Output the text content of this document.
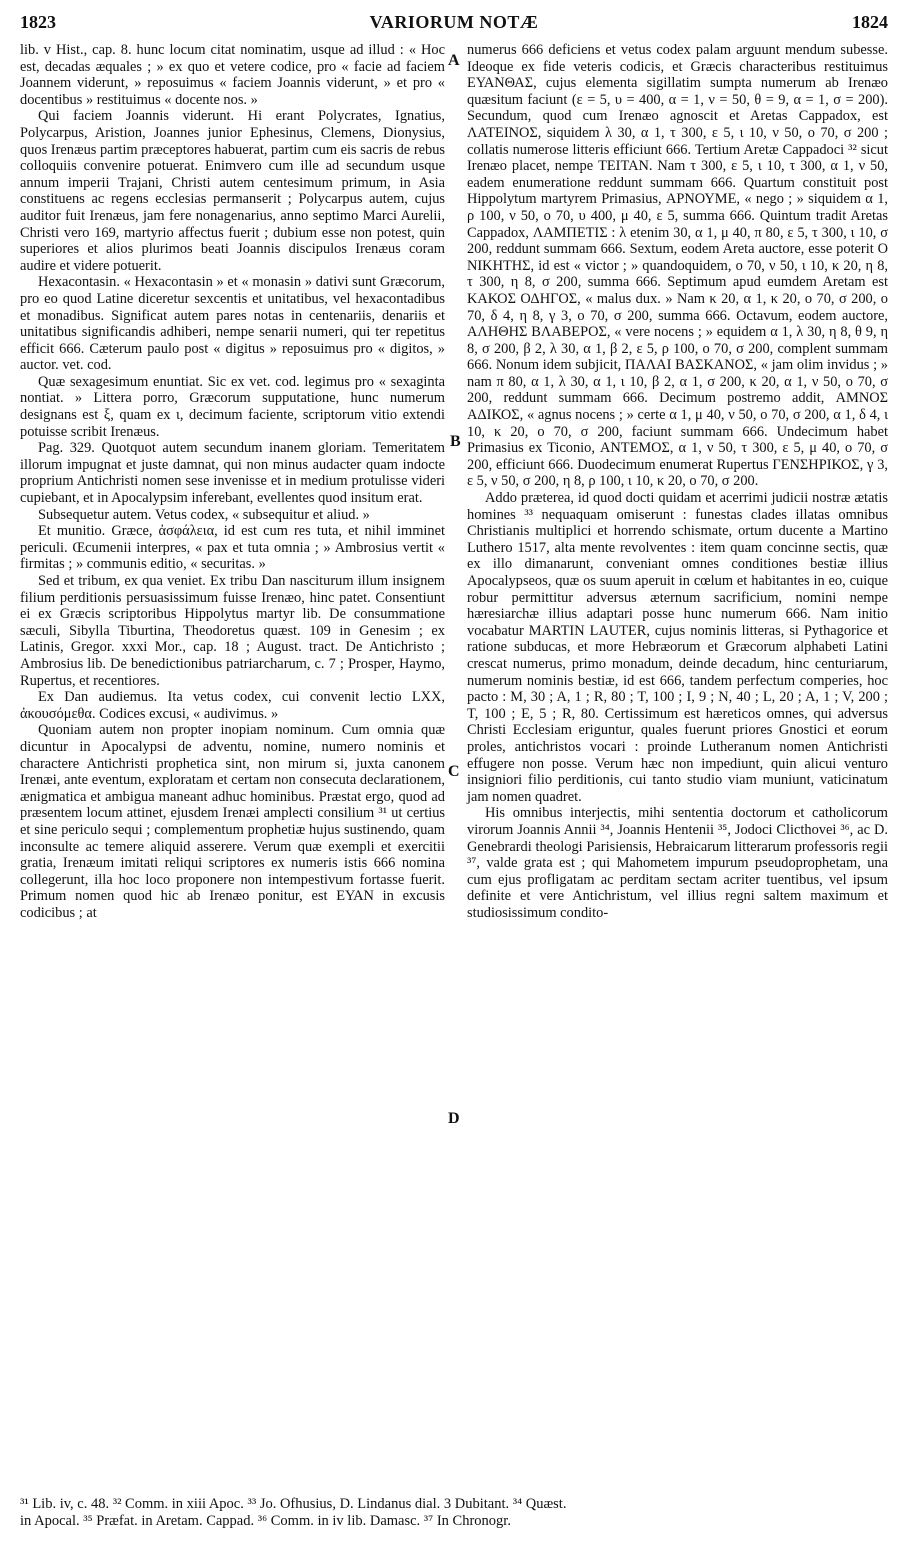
1823	VARIORUM NOTÆ	1824
A
B
C
D

lib. v Hist., cap. 8. hunc locum citat nominatim, usque ad illud : « Hoc est, decadas æquales ; » ex quo et vetere codice, pro « facie ad faciem Joannem viderunt, » reposuimus « faciem Joannis viderunt, » et pro « docentibus » restituimus « docente nos. »

Qui faciem Joannis viderunt. Hi erant Polycrates, Ignatius, Polycarpus, Aristion, Joannes junior Ephesinus, Clemens, Dionysius, quos Irenæus partim præceptores habuerat, partim cum eis sacris de rebus colloquiis convenire potuerat. Enimvero cum ille ad secundum usque annum imperii Trajani, Christi autem centesimum primum, in Asia constituens ac regens ecclesias permanserit ; Polycarpus autem, cujus auditor fuit Irenæus, jam fere nonagenarius, anno septimo Marci Aurelii, Christi vero 169, martyrio affectus fuerit ; dubium esse non potest, quin superiores et alios plurimos beati Joannis discipulos Irenæus coram audire et videre potuerit.

Hexacontasin. « Hexacontasin » et « monasin » dativi sunt Græcorum, pro eo quod Latine diceretur sexcentis et unitatibus, vel hexacontadibus et monadibus. Significat autem pares notas in centenariis, denariis et unitatibus significandis adhiberi, nempe senarii numeri, qui ter repetitus efficit 666. Cæterum paulo post « digitus » reposuimus pro « digitos, » auctor. vet. cod.

Quæ sexagesimum enuntiat. Sic ex vet. cod. legimus pro « sexaginta nontiat. » Littera porro, Græcorum supputatione, hunc numerum designans est ξ, quam ex ι, decimum faciente, scriptorum vitio extendi potuisse scribit Irenæus.

Pag. 329. Quotquot autem secundum inanem gloriam. Temeritatem illorum impugnat et juste damnat, qui non minus audacter quam indocte proprium Antichristi nomen sese invenisse et in medium protulisse videri cupiebant, et in Apocalypsim inferebant, evellentes quod insitum erat.

Subsequetur autem. Vetus codex, « subsequitur et aliud. »

Et munitio. Græce, ἀσφάλεια, id est cum res tuta, et nihil imminet periculi. Œcumenii interpres, « pax et tuta omnia ; » Ambrosius vertit « firmitas ; » communis editio, « securitas. »

Sed et tribum, ex qua veniet. Ex tribu Dan nasciturum illum insignem filium perditionis persuasissimum fuisse Irenæo, hinc patet. Consentiunt ei ex Græcis scriptoribus Hippolytus martyr lib. De consummatione sæculi, Sibylla Tiburtina, Theodoretus quæst. 109 in Genesim ; ex Latinis, Gregor. xxxi Mor., cap. 18 ; August. tract. De Antichristo ; Ambrosius lib. De benedictionibus patriarcharum, c. 7 ; Prosper, Haymo, Rupertus, et recentiores.

Ex Dan audiemus. Ita vetus codex, cui convenit lectio LXX, ἀκουσόμεθα. Codices excusi, « audivimus. »

Quoniam autem non propter inopiam nominum. Cum omnia quæ dicuntur in Apocalypsi de adventu, nomine, numero nominis et charactere Antichristi prophetica sint, non mirum si, juxta canonem Irenæi, ante eventum, exploratam et certam non consecuta declarationem, ænigmatica et ambigua maneant adhuc hominibus. Præstat ergo, quod ad præsentem locum attinet, ejusdem Irenæi amplecti consilium ³¹ ut certius et sine periculo sequi ; complementum prophetiæ hujus sustinendo, quam inconsulte ac temere aliquid asserere. Verum quæ exempli et exercitii gratia, Irenæum imitati reliqui scriptores ex numeris istis 666 nomina collegerunt, illa hoc loco proponere non intempestivum fortasse fuerit. Primum nomen quod hic ab Irenæo ponitur, est ΕΥΑΝ in excusis codicibus ; at

numerus 666 deficiens et vetus codex palam arguunt mendum subesse. Ideoque ex fide veteris codicis, et Græcis characteribus restituimus ΕΥΑΝΘΑΣ, cujus elementa sigillatim sumpta numerum ab Irenæo quæsitum faciunt (ε = 5, υ = 400, α = 1, ν = 50, θ = 9, α = 1, σ = 200). Secundum, quod cum Irenæo agnoscit et Aretas Cappadox, est ΛΑΤΕΙΝΟΣ, siquidem λ 30, α 1, τ 300, ε 5, ι 10, ν 50, ο 70, σ 200 ; collatis numerose litteris efficiunt 666. Tertium Aretæ Cappadoci ³² sicut Irenæo placet, nempe ΤΕΙΤΑΝ. Nam τ 300, ε 5, ι 10, τ 300, α 1, ν 50, eadem enumeratione reddunt summam 666. Quartum constituit post Hippolytum martyrem Primasius, ΑΡΝΟΥΜΕ, « nego ; » siquidem α 1, ρ 100, ν 50, ο 70, υ 400, μ 40, ε 5, summa 666. Quintum tradit Aretas Cappadox, ΛΑΜΠΕΤΙΣ : λ etenim 30, α 1, μ 40, π 80, ε 5, τ 300, ι 10, σ 200, reddunt summam 666. Sextum, eodem Areta auctore, esse poterit Ο ΝΙΚΗΤΗΣ, id est « victor ; » quandoquidem, ο 70, ν 50, ι 10, κ 20, η 8, τ 300, η 8, σ 200, summa 666. Septimum apud eumdem Aretam est ΚΑΚΟΣ ΟΔΗΓΟΣ, « malus dux. » Nam κ 20, α 1, κ 20, ο 70, σ 200, ο 70, δ 4, η 8, γ 3, ο 70, σ 200, summa 666. Octavum, eodem auctore, ΑΛΗΘΗΣ ΒΛΑΒΕΡΟΣ, « vere nocens ; » equidem α 1, λ 30, η 8, θ 9, η 8, σ 200, β 2, λ 30, α 1, β 2, ε 5, ρ 100, ο 70, σ 200, complent summam 666. Nonum idem subjicit, ΠΑΛΑΙ ΒΑΣΚΑΝΟΣ, « jam olim invidus ; » nam π 80, α 1, λ 30, α 1, ι 10, β 2, α 1, σ 200, κ 20, α 1, ν 50, ο 70, σ 200, reddunt summam 666. Decimum postremo addit, ΑΜΝΟΣ ΑΔΙΚΟΣ, « agnus nocens ; » certe α 1, μ 40, ν 50, ο 70, σ 200, α 1, δ 4, ι 10, κ 20, ο 70, σ 200, faciunt summam 666. Undecimum habet Primasius ex Ticonio, ΑΝΤΕΜΟΣ, α 1, ν 50, τ 300, ε 5, μ 40, ο 70, σ 200, efficiunt 666. Duodecimum enumerat Rupertus ΓΕΝΣΗΡΙΚΟΣ, γ 3, ε 5, ν 50, σ 200, η 8, ρ 100, ι 10, κ 20, ο 70, σ 200.

Addo præterea, id quod docti quidam et acerrimi judicii nostræ ætatis homines ³³ nequaquam omiserunt : funestas clades illatas omnibus Christianis multiplici et horrendo schismate, ortum ducente a Martino Luthero 1517, alta mente revolventes : item quam concinne sectis, quæ ex illo dimanarunt, conveniant omnes conditiones bestiæ illius Apocalypseos, quæ os suum aperuit in cœlum et habitantes in eo, cuique robur permittitur adversus æternum sacrificium, nomini nempe hæresiarchæ illius adaptari posse hunc numerum 666. Nam initio vocabatur MARTIN LAUTER, cujus nominis litteras, si Pythagorice et ratione subducas, et more Hebræorum et Græcorum alphabeti Latini crescat numerus, primo monadum, deinde decadum, hinc centuriarum, numerum nominis bestiæ, id est 666, tandem perfectum comperies, hoc pacto : M, 30 ; A, 1 ; R, 80 ; T, 100 ; I, 9 ; N, 40 ; L, 20 ; A, 1 ; V, 200 ; T, 100 ; E, 5 ; R, 80. Certissimum est hæreticos omnes, qui adversus Christi Ecclesiam eriguntur, quales fuerunt priores Gnostici et eorum proles, antichristos vocari : proinde Lutheranum nomen Antichristi effugere non posse. Verum hæc non impediunt, quin alicui venturo insigniori filio perditionis, cui tanto studio viam muniunt, vaticinatum jam nomen quadret.

His omnibus interjectis, mihi sententia doctorum et catholicorum virorum Joannis Annii ³⁴, Joannis Hentenii ³⁵, Jodoci Clicthovei ³⁶, ac D. Genebrardi theologi Parisiensis, Hebraicarum litterarum professoris regii ³⁷, valde grata est ; qui Mahometem impurum pseudoprophetam, una cum ejus profligatam ac perditam sectam acriter tuentibus, vel ipsum definite et vere Antichristum, vel illius regni saltem maximum et studiosissimum condito-

³¹ Lib. iv, c. 48. ³² Comm. in xiii Apoc. ³³ Jo. Ofhusius, D. Lindanus dial. 3 Dubitant. ³⁴ Quæst.
in Apocal. ³⁵ Præfat. in Aretam. Cappad. ³⁶ Comm. in iv lib. Damasc. ³⁷ In Chronogr.
